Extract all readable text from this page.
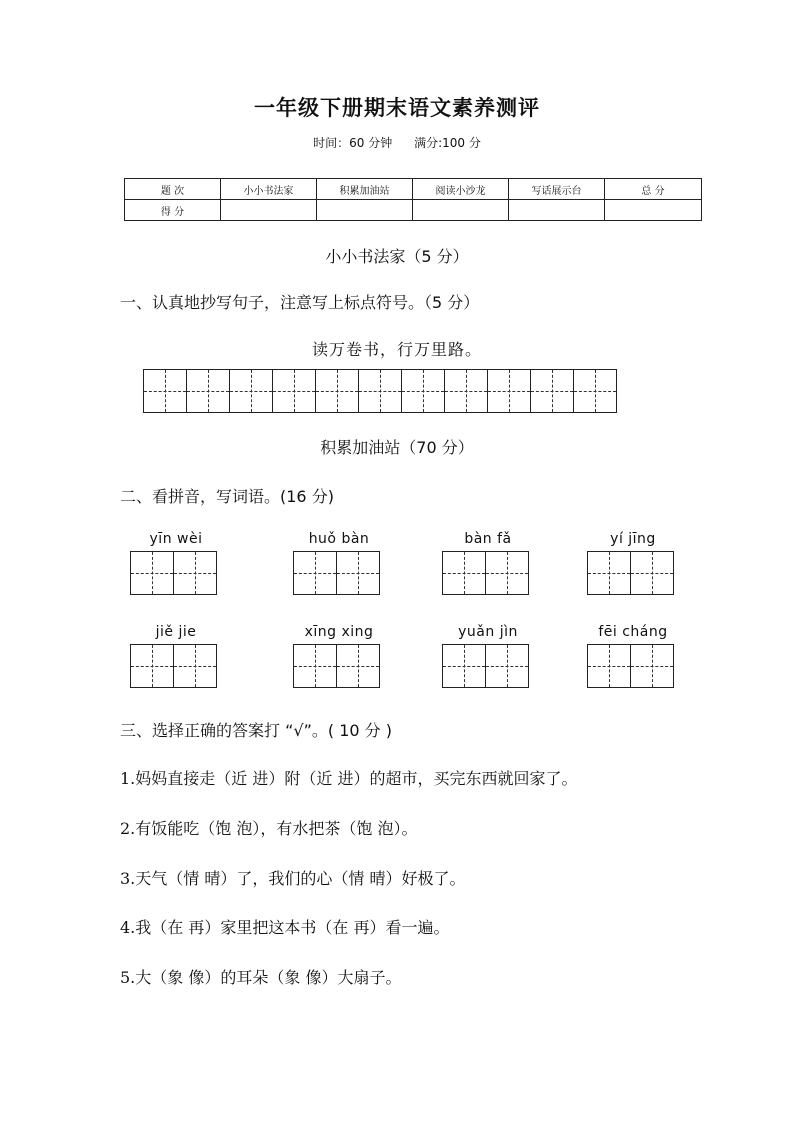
一年级下册期末语文素养测评
时间：60 分钟 满分:100 分
题 次	小小书法家	积累加油站	阅读小沙龙	写话展示台	总 分
得 分					
小小书法家（5 分）
一、认真地抄写句子，注意写上标点符号。（5 分）
读万卷书，行万里路。
积累加油站（70 分）
二、看拼音，写词语。(16 分)
yīn wèi	huǒ bàn	bàn fǎ	yí jīng
jiě jie	xīng xing	yuǎn jìn	fēi cháng
三、选择正确的答案打 “√”。( 10 分 )
1.妈妈直接走（近 进）附（近 进）的超市，买完东西就回家了。
2.有饭能吃（饱 泡），有水把茶（饱 泡）。
3.天气（情 晴）了，我们的心（情 晴）好极了。
4.我（在 再）家里把这本书（在 再）看一遍。
5.大（象 像）的耳朵（象 像）大扇子。
